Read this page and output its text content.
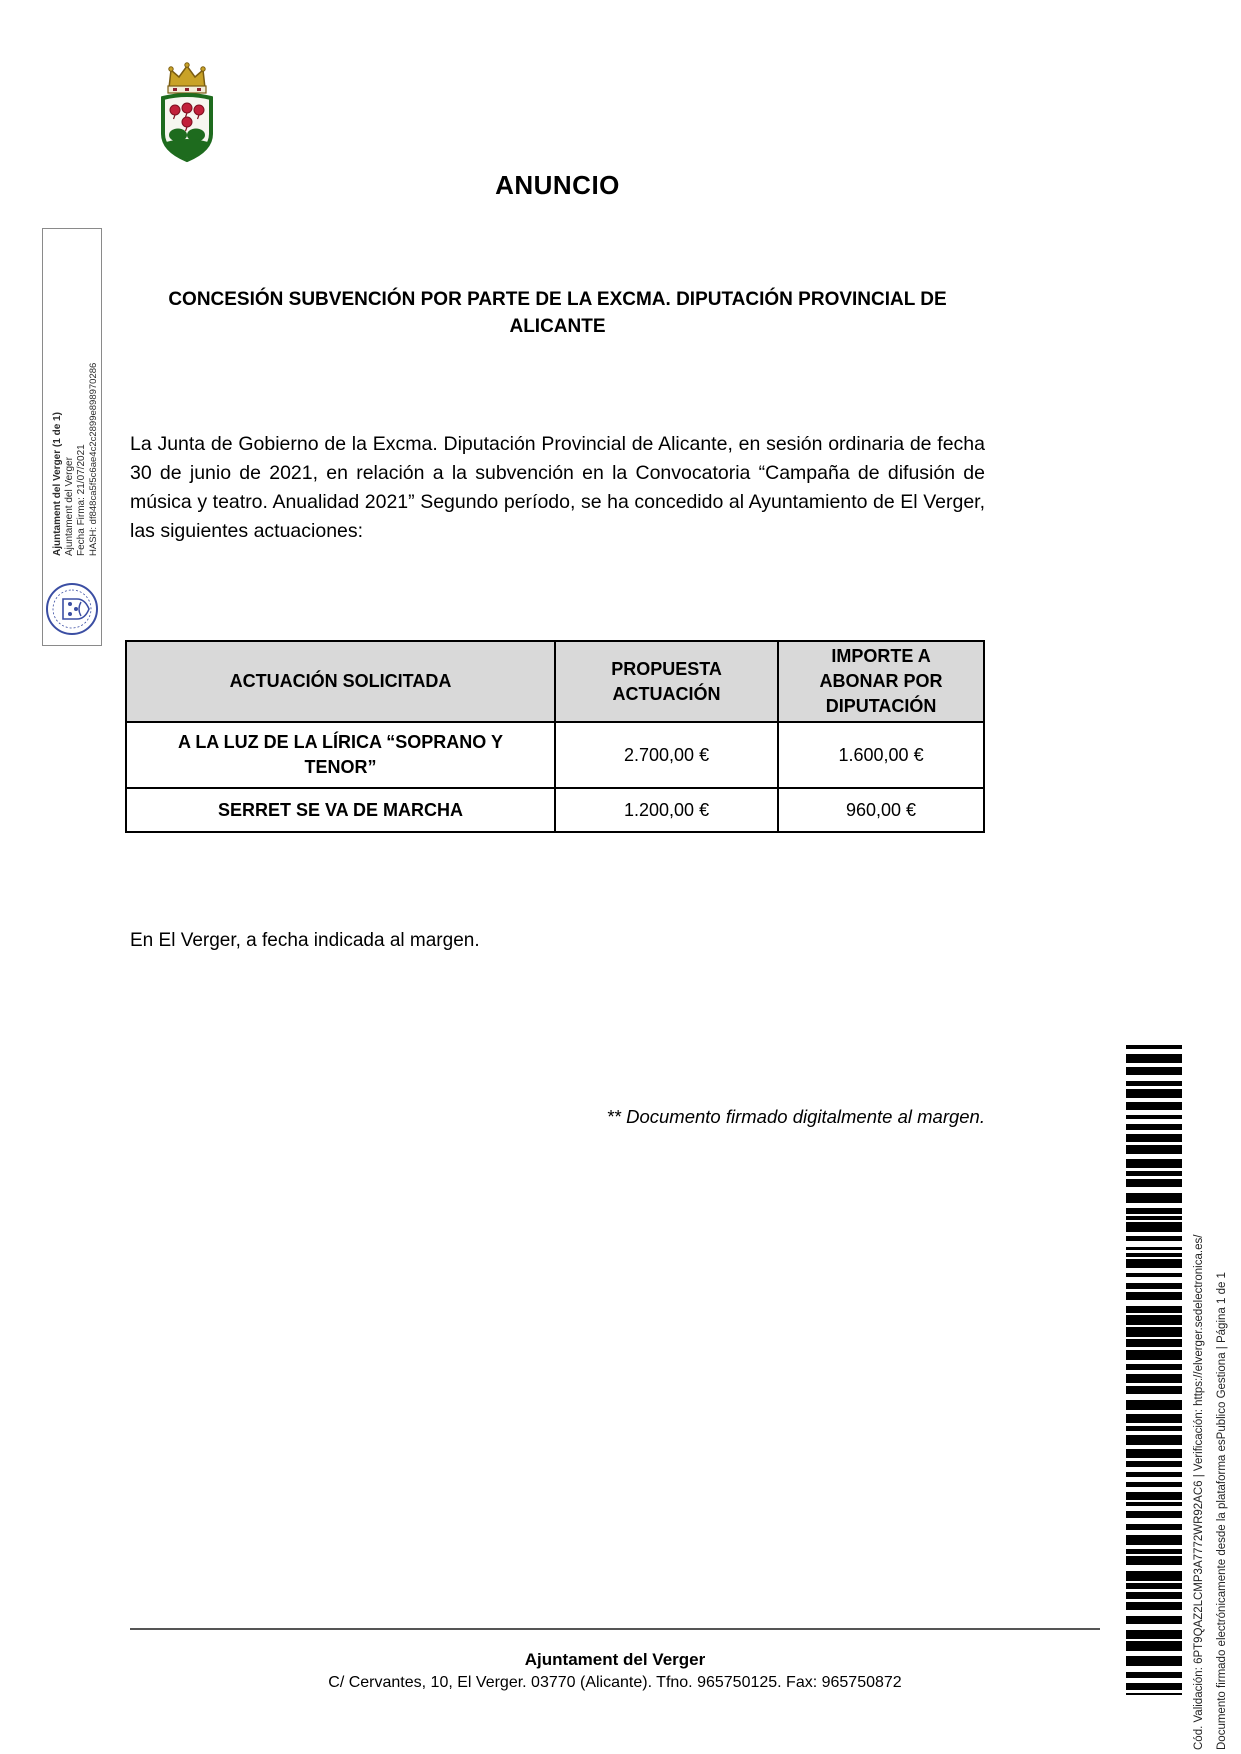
ANUNCIO
CONCESIÓN SUBVENCIÓN POR PARTE DE LA EXCMA. DIPUTACIÓN PROVINCIAL DE ALICANTE
La Junta de Gobierno de la Excma. Diputación Provincial de Alicante, en sesión ordinaria de fecha 30 de junio de 2021, en relación a la subvención en la Convocatoria “Campaña de difusión de música y teatro. Anualidad 2021” Segundo período, se ha concedido al Ayuntamiento de El Verger, las siguientes actuaciones:
ACTUACIÓN SOLICITADA	PROPUESTA ACTUACIÓN	IMPORTE A ABONAR POR DIPUTACIÓN
A LA LUZ DE LA LÍRICA “SOPRANO Y TENOR”	2.700,00 €	1.600,00 €
SERRET SE VA DE MARCHA	1.200,00 €	960,00 €
En El Verger, a fecha indicada al margen.
** Documento firmado digitalmente al margen.
Ajuntament del Verger (1 de 1) Ajuntament del Verger Fecha Firma: 21/07/2021 HASH: df848ca5f5c6ae4c2c2899e898970286
Cód. Validación: 6PT9QAZ2LCMP3A7772WR92AC6 | Verificación: https://elverger.sedelectronica.es/ Documento firmado electrónicamente desde la plataforma esPublico Gestiona | Página 1 de 1
Ajuntament del Verger
C/ Cervantes, 10, El Verger. 03770 (Alicante). Tfno. 965750125. Fax: 965750872
